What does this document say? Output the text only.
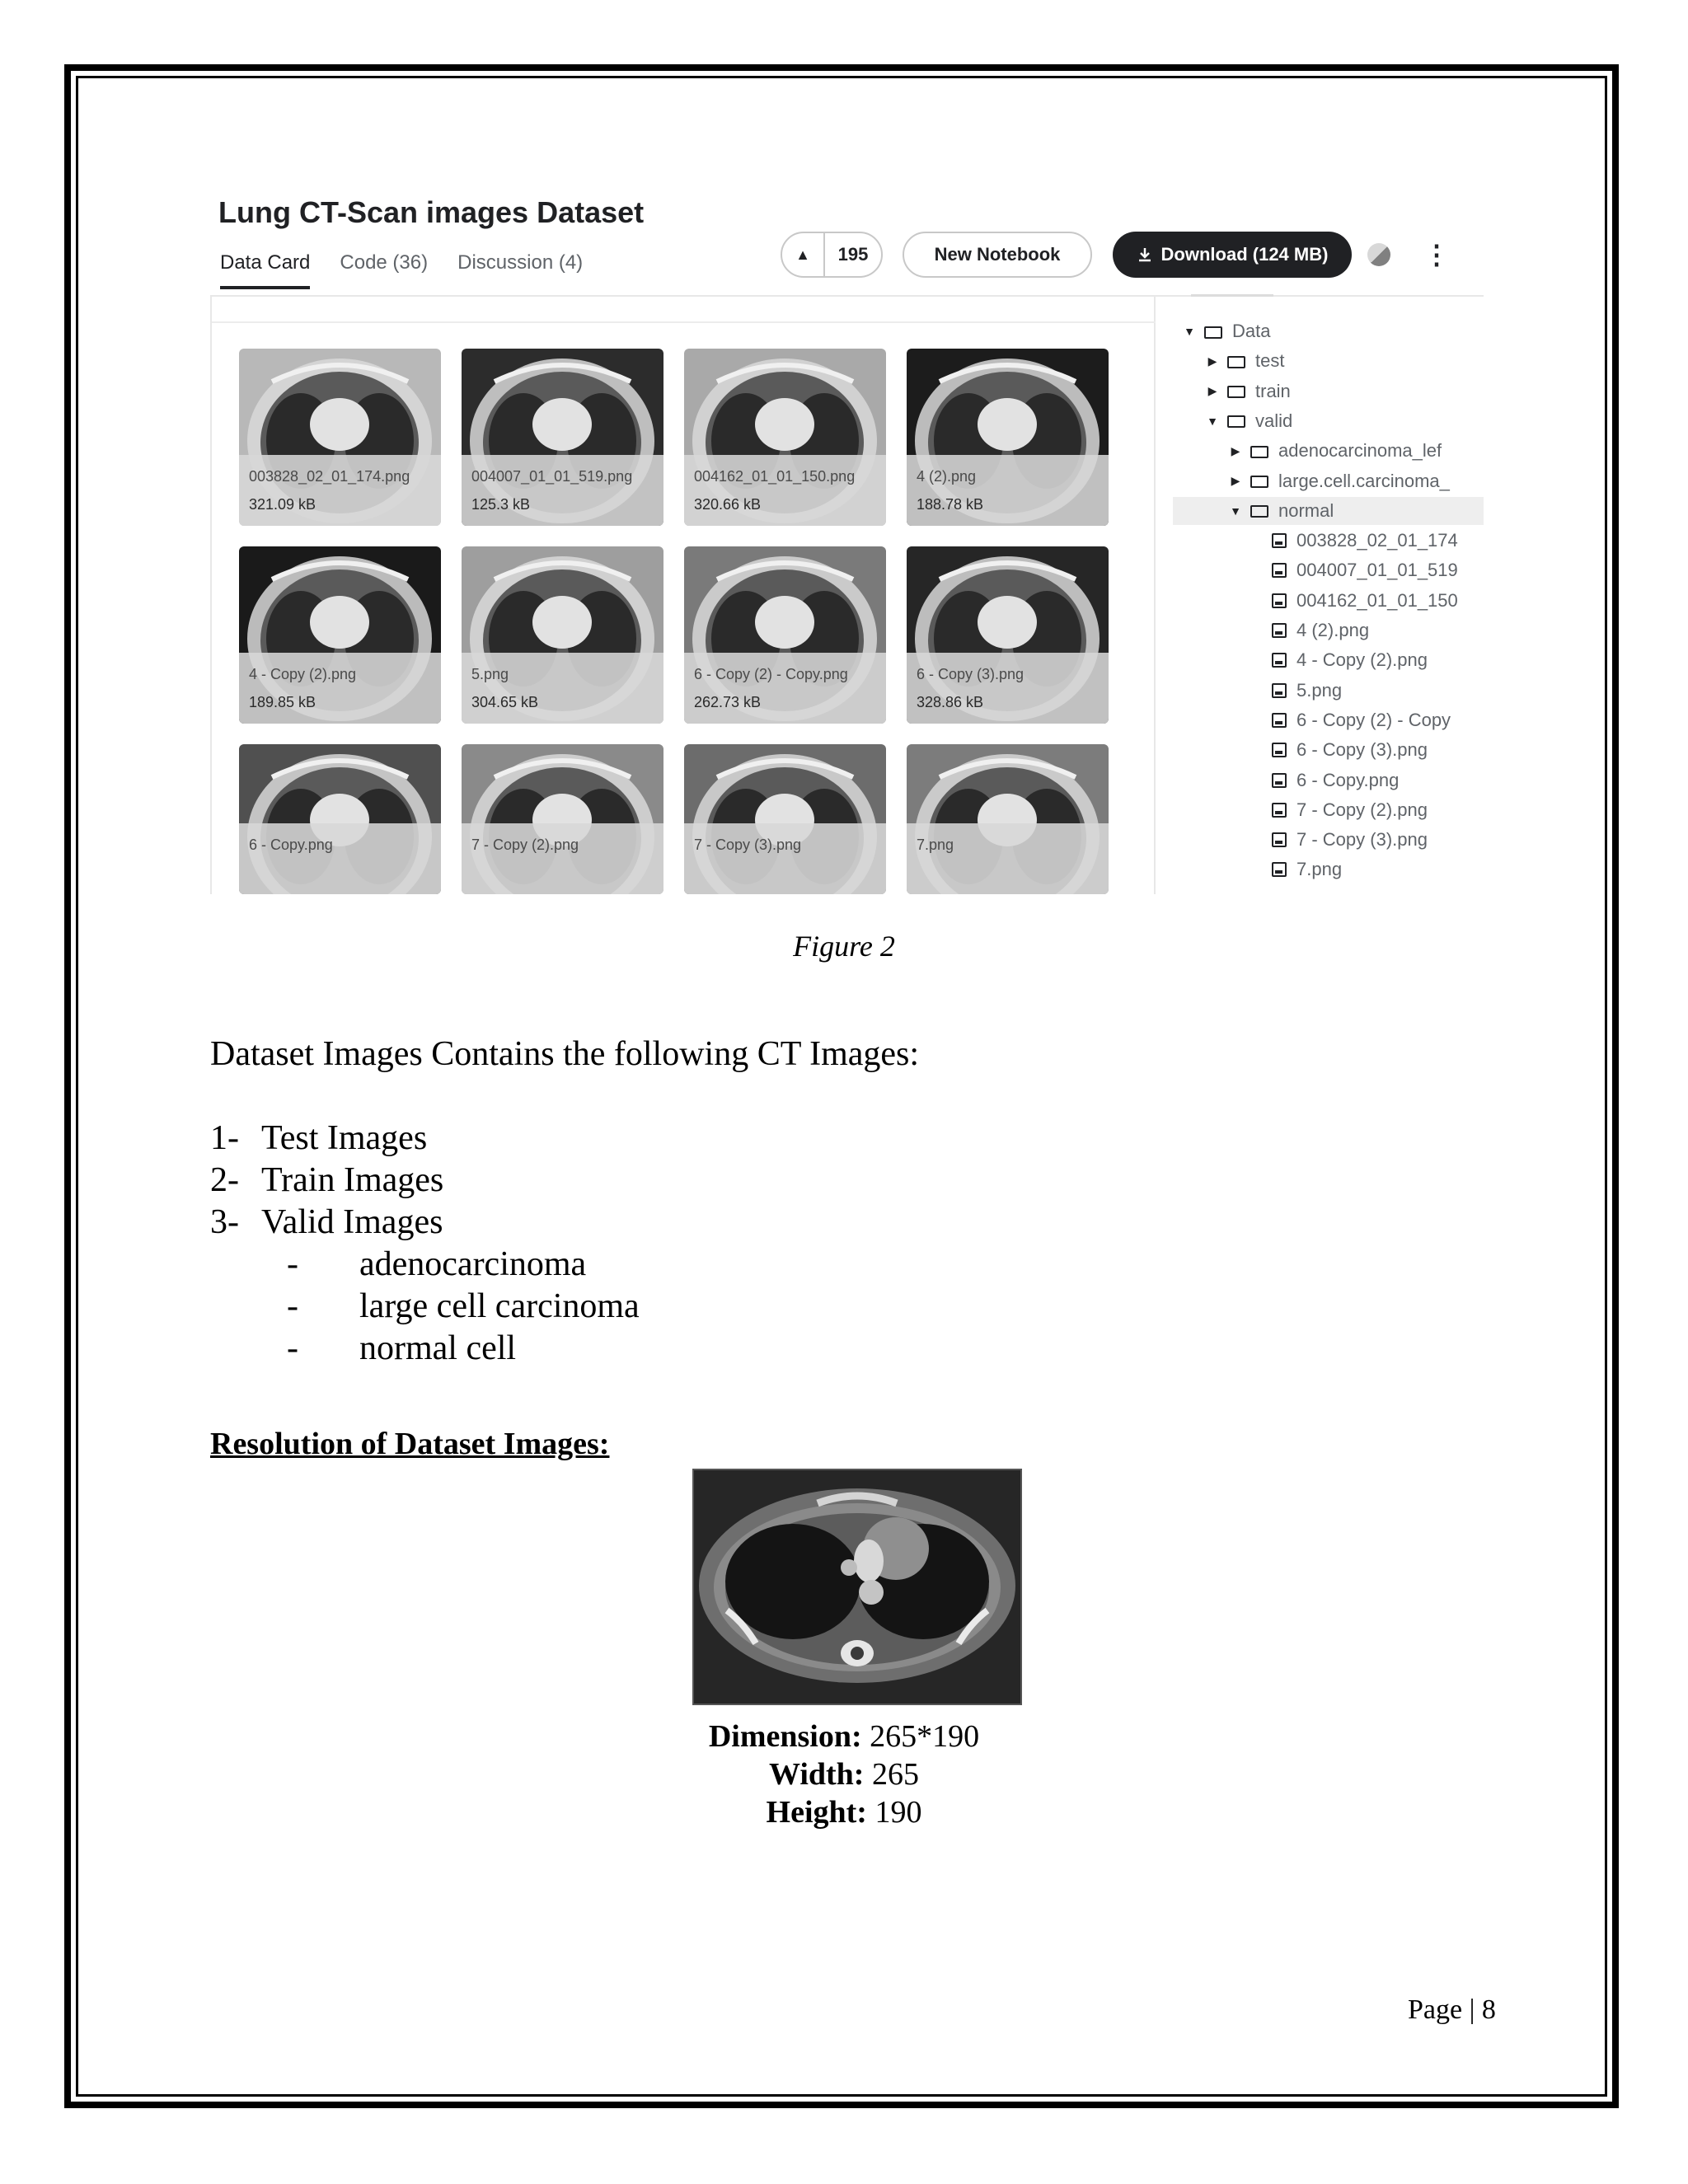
Lung CT-Scan images Dataset
Data Card Code (36) Discussion (4)	▲	195	New Notebook	Download (124 MB)	⋮
003828_02_01_174.png
321.09 kB
004007_01_01_519.png
125.3 kB
004162_01_01_150.png
320.66 kB
4 (2).png
188.78 kB
4 - Copy (2).png
189.85 kB
5.png
304.65 kB
6 - Copy (2) - Copy.png
262.73 kB
6 - Copy (3).png
328.86 kB
6 - Copy.png	7 - Copy (2).png	7 - Copy (3).png	7.png
▼ Data
▶ test
▶ train
▼ valid
▶ adenocarcinoma_lef
▶ large.cell.carcinoma_
▼ normal
003828_02_01_174
004007_01_01_519
004162_01_01_150
4 (2).png
4 - Copy (2).png
5.png
6 - Copy (2) - Copy
6 - Copy (3).png
6 - Copy.png
7 - Copy (2).png
7 - Copy (3).png
7.png
Figure 2
Dataset Images Contains the following CT Images:
1- Test Images
2- Train Images
3- Valid Images
- adenocarcinoma
- large cell carcinoma
- normal cell
Resolution of Dataset Images:
Dimension: 265*190
Width: 265
Height: 190
Page | 8
